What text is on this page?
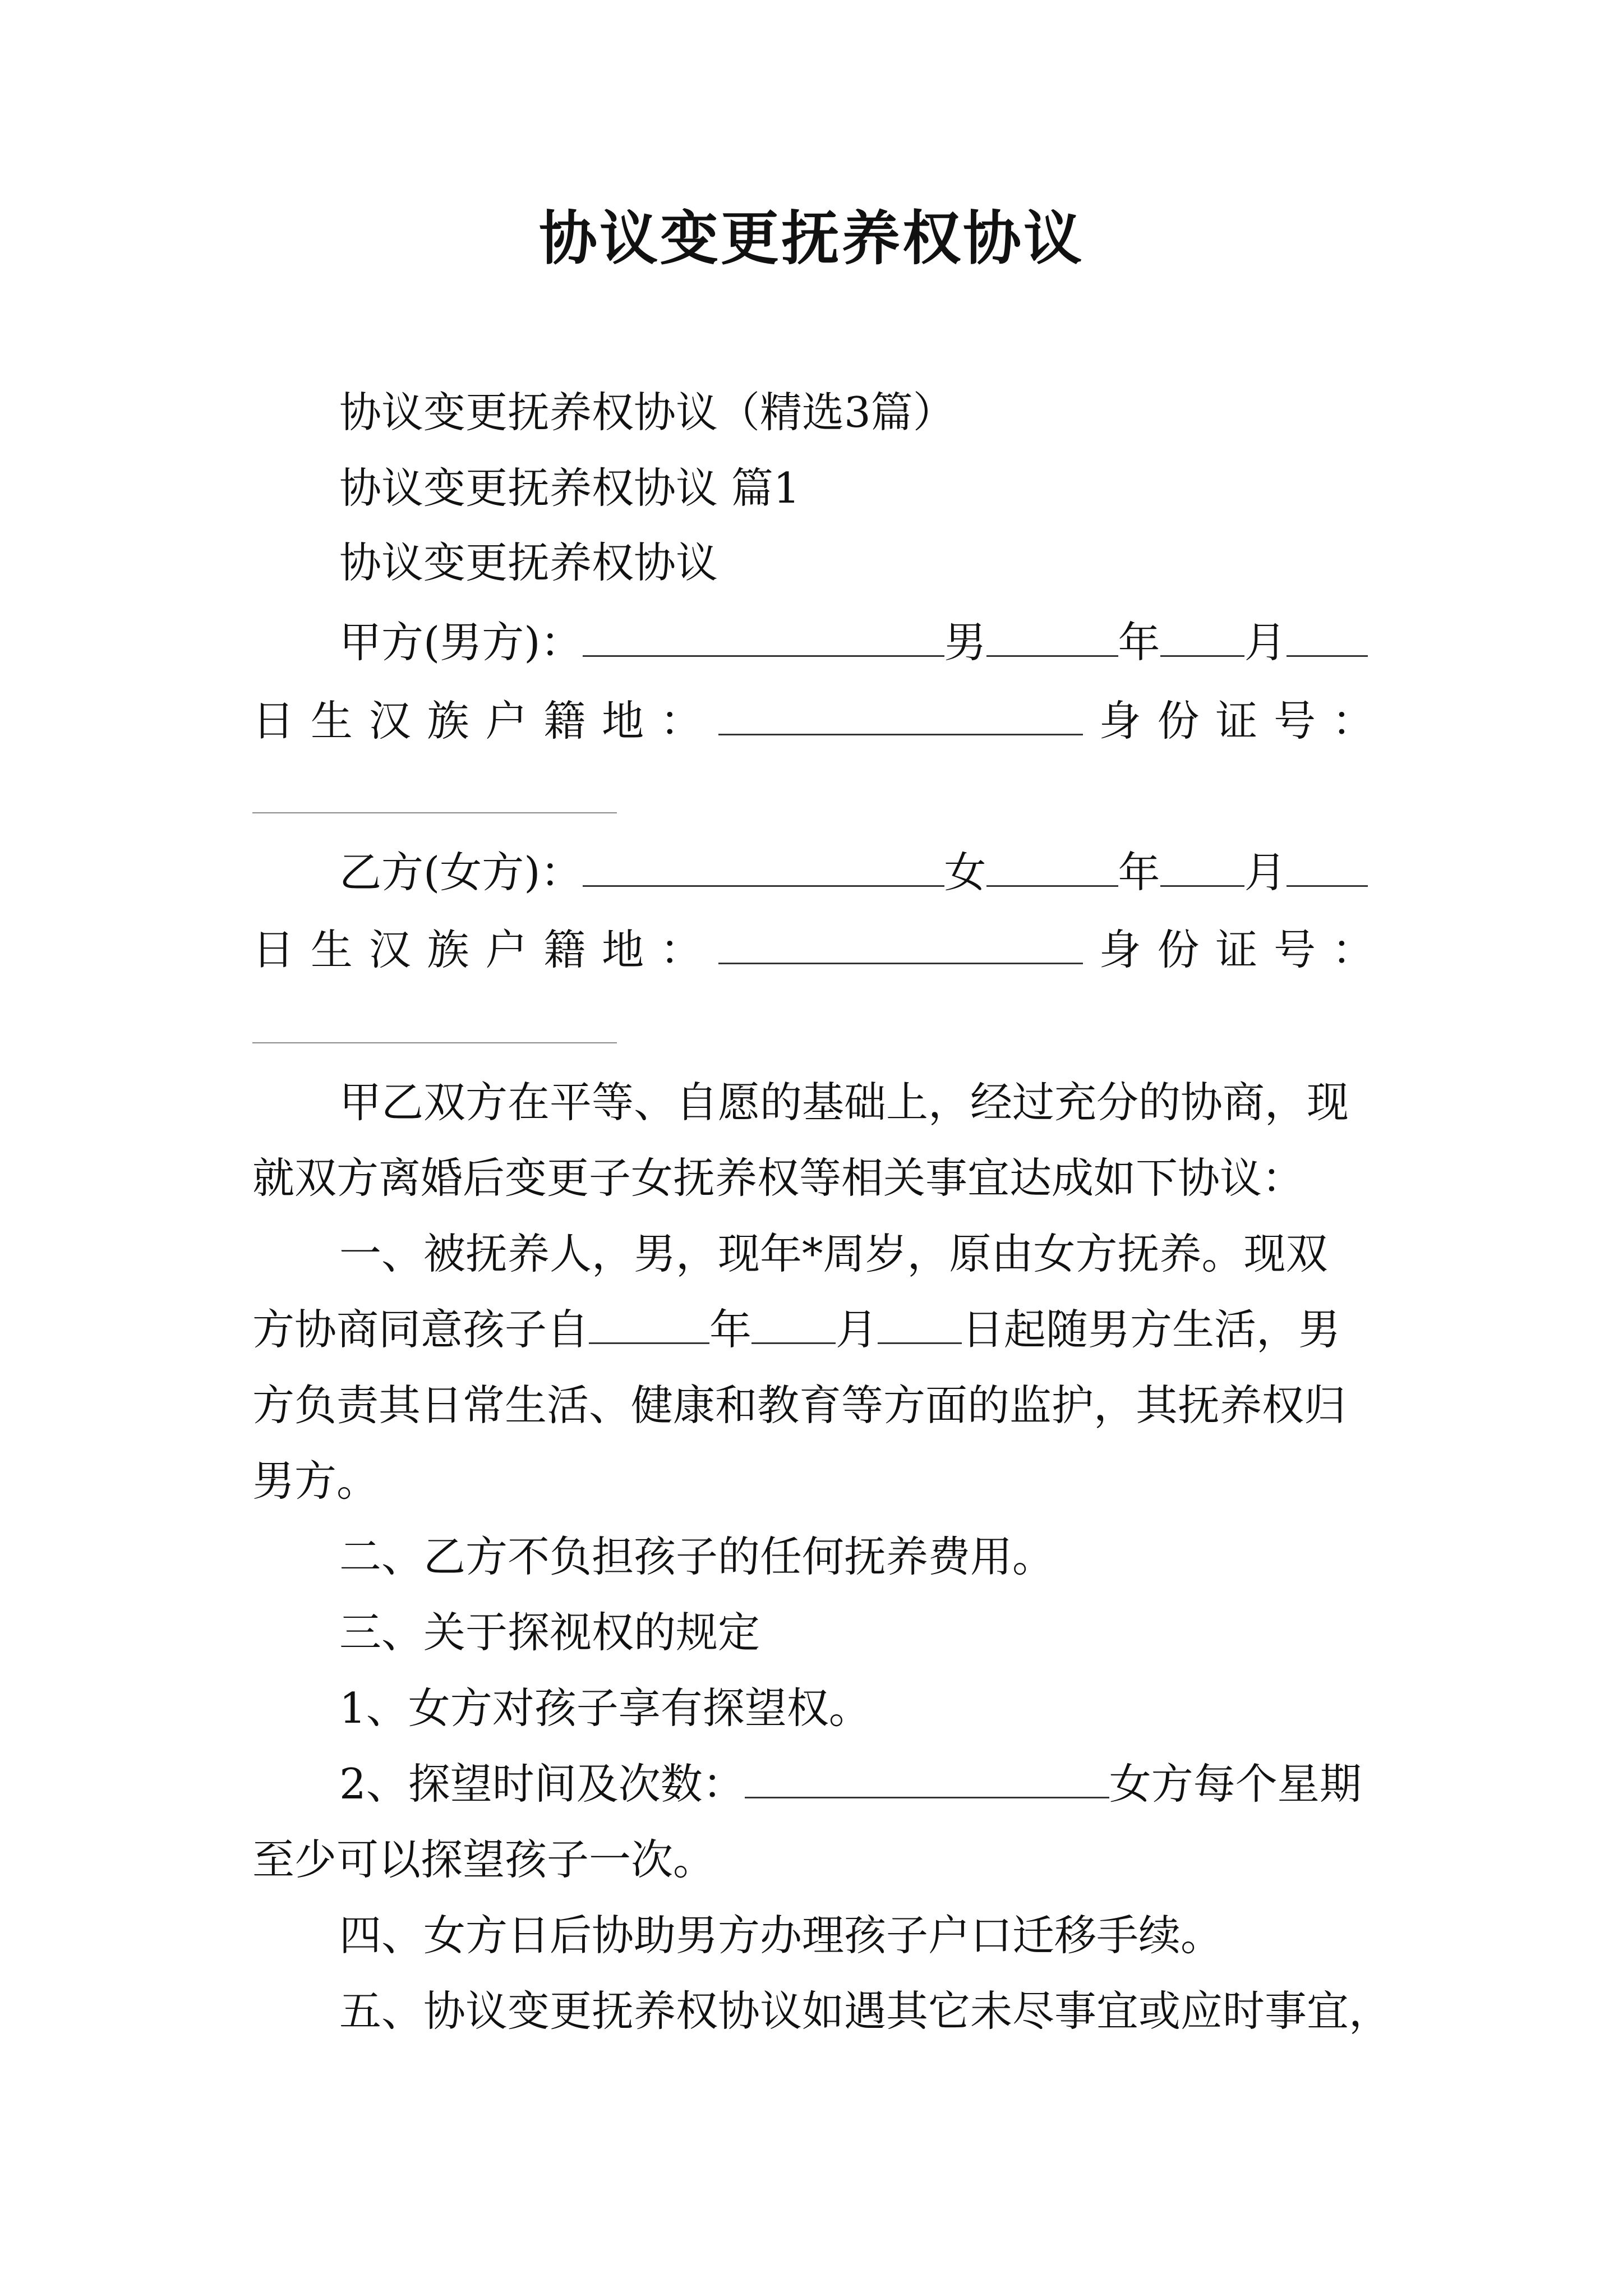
协议变更抚养权协议
协议变更抚养权协议（精选3篇）
协议变更抚养权协议 篇1
协议变更抚养权协议
甲方(男方)：	男	年 月
日 生 汉 族 户 籍 地 ：	身 份 证 号 ：
乙方(女方)：	女	年 月
日 生 汉 族 户 籍 地 ：	身 份 证 号 ：
甲乙双方在平等、自愿的基础上，经过充分的协商，现
就双方离婚后变更子女抚养权等相关事宜达成如下协议：
一、被抚养人，男，现年*周岁，原由女方抚养。现双
方协商同意孩子自	年 月 日起随男方生活，男
方负责其日常生活、健康和教育等方面的监护，其抚养权归
男方。
二、乙方不负担孩子的任何抚养费用。
三、关于探视权的规定
1、女方对孩子享有探望权。
2、探望时间及次数：	女方每个星期
至少可以探望孩子一次。
四、女方日后协助男方办理孩子户口迁移手续。
五、协议变更抚养权协议如遇其它未尽事宜或应时事宜，
